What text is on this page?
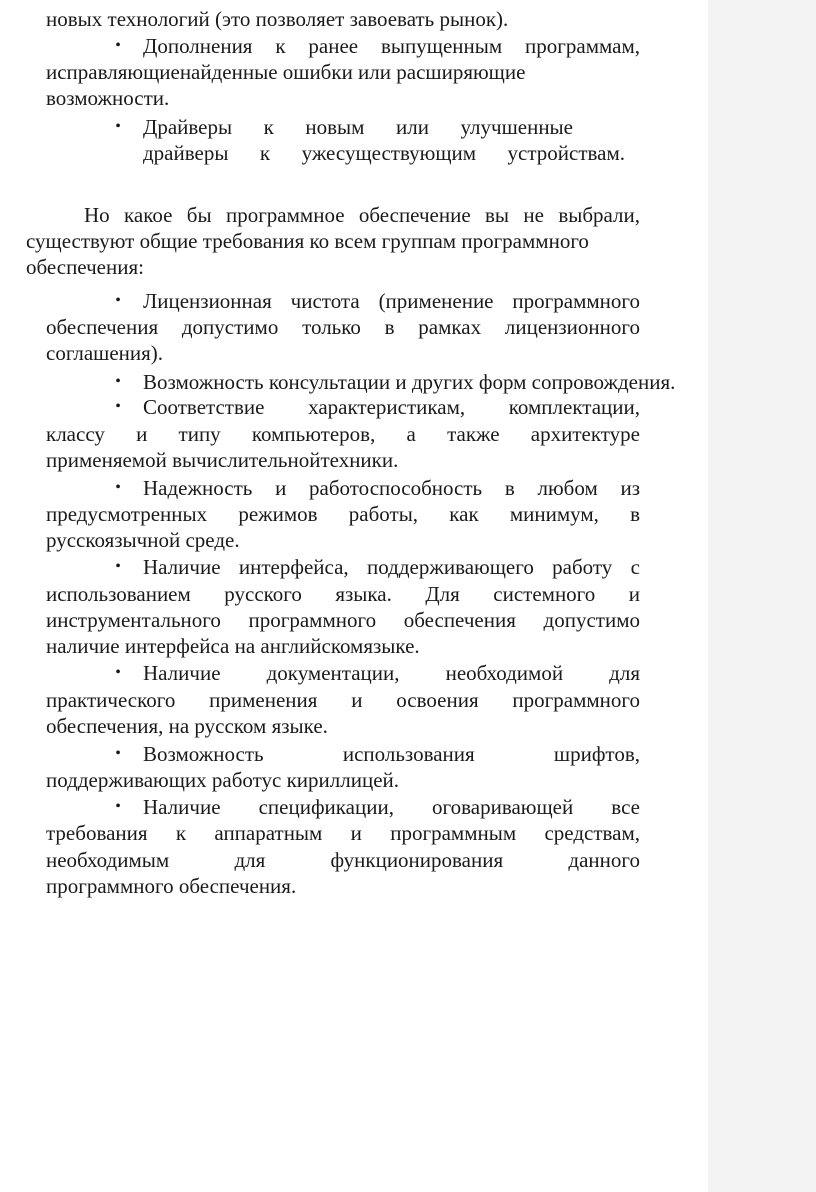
новых технологий (это позволяет завоевать рынок).

• Дополнения к ранее выпущенным программам,

исправляющиенайденные ошибки или расширяющие

возможности.

• Драйверы к новым или улучшенные

драйверы к ужесуществующим устройствам.

Но какое бы программное обеспечение вы не выбрали,

существуют общие требования ко всем группам программного

обеспечения:

• Лицензионная чистота (применение программного

обеспечения допустимо только в рамках лицензионного

соглашения).

• Возможность консультации и других форм сопровождения.

• Соответствие характеристикам, комплектации,

классу и типу компьютеров, а также архитектуре

применяемой вычислительнойтехники.

• Надежность и работоспособность в любом из

предусмотренных режимов работы, как минимум, в

русскоязычной среде.

• Наличие интерфейса, поддерживающего работу с

использованием русского языка. Для системного и

инструментального программного обеспечения допустимо

наличие интерфейса на английскомязыке.

• Наличие документации, необходимой для

практического применения и освоения программного

обеспечения, на русском языке.

• Возможность использования шрифтов,

поддерживающих работус кириллицей.

• Наличие спецификации, оговаривающей все

требования к аппаратным и программным средствам,

необходимым для функционирования данного

программного обеспечения.
